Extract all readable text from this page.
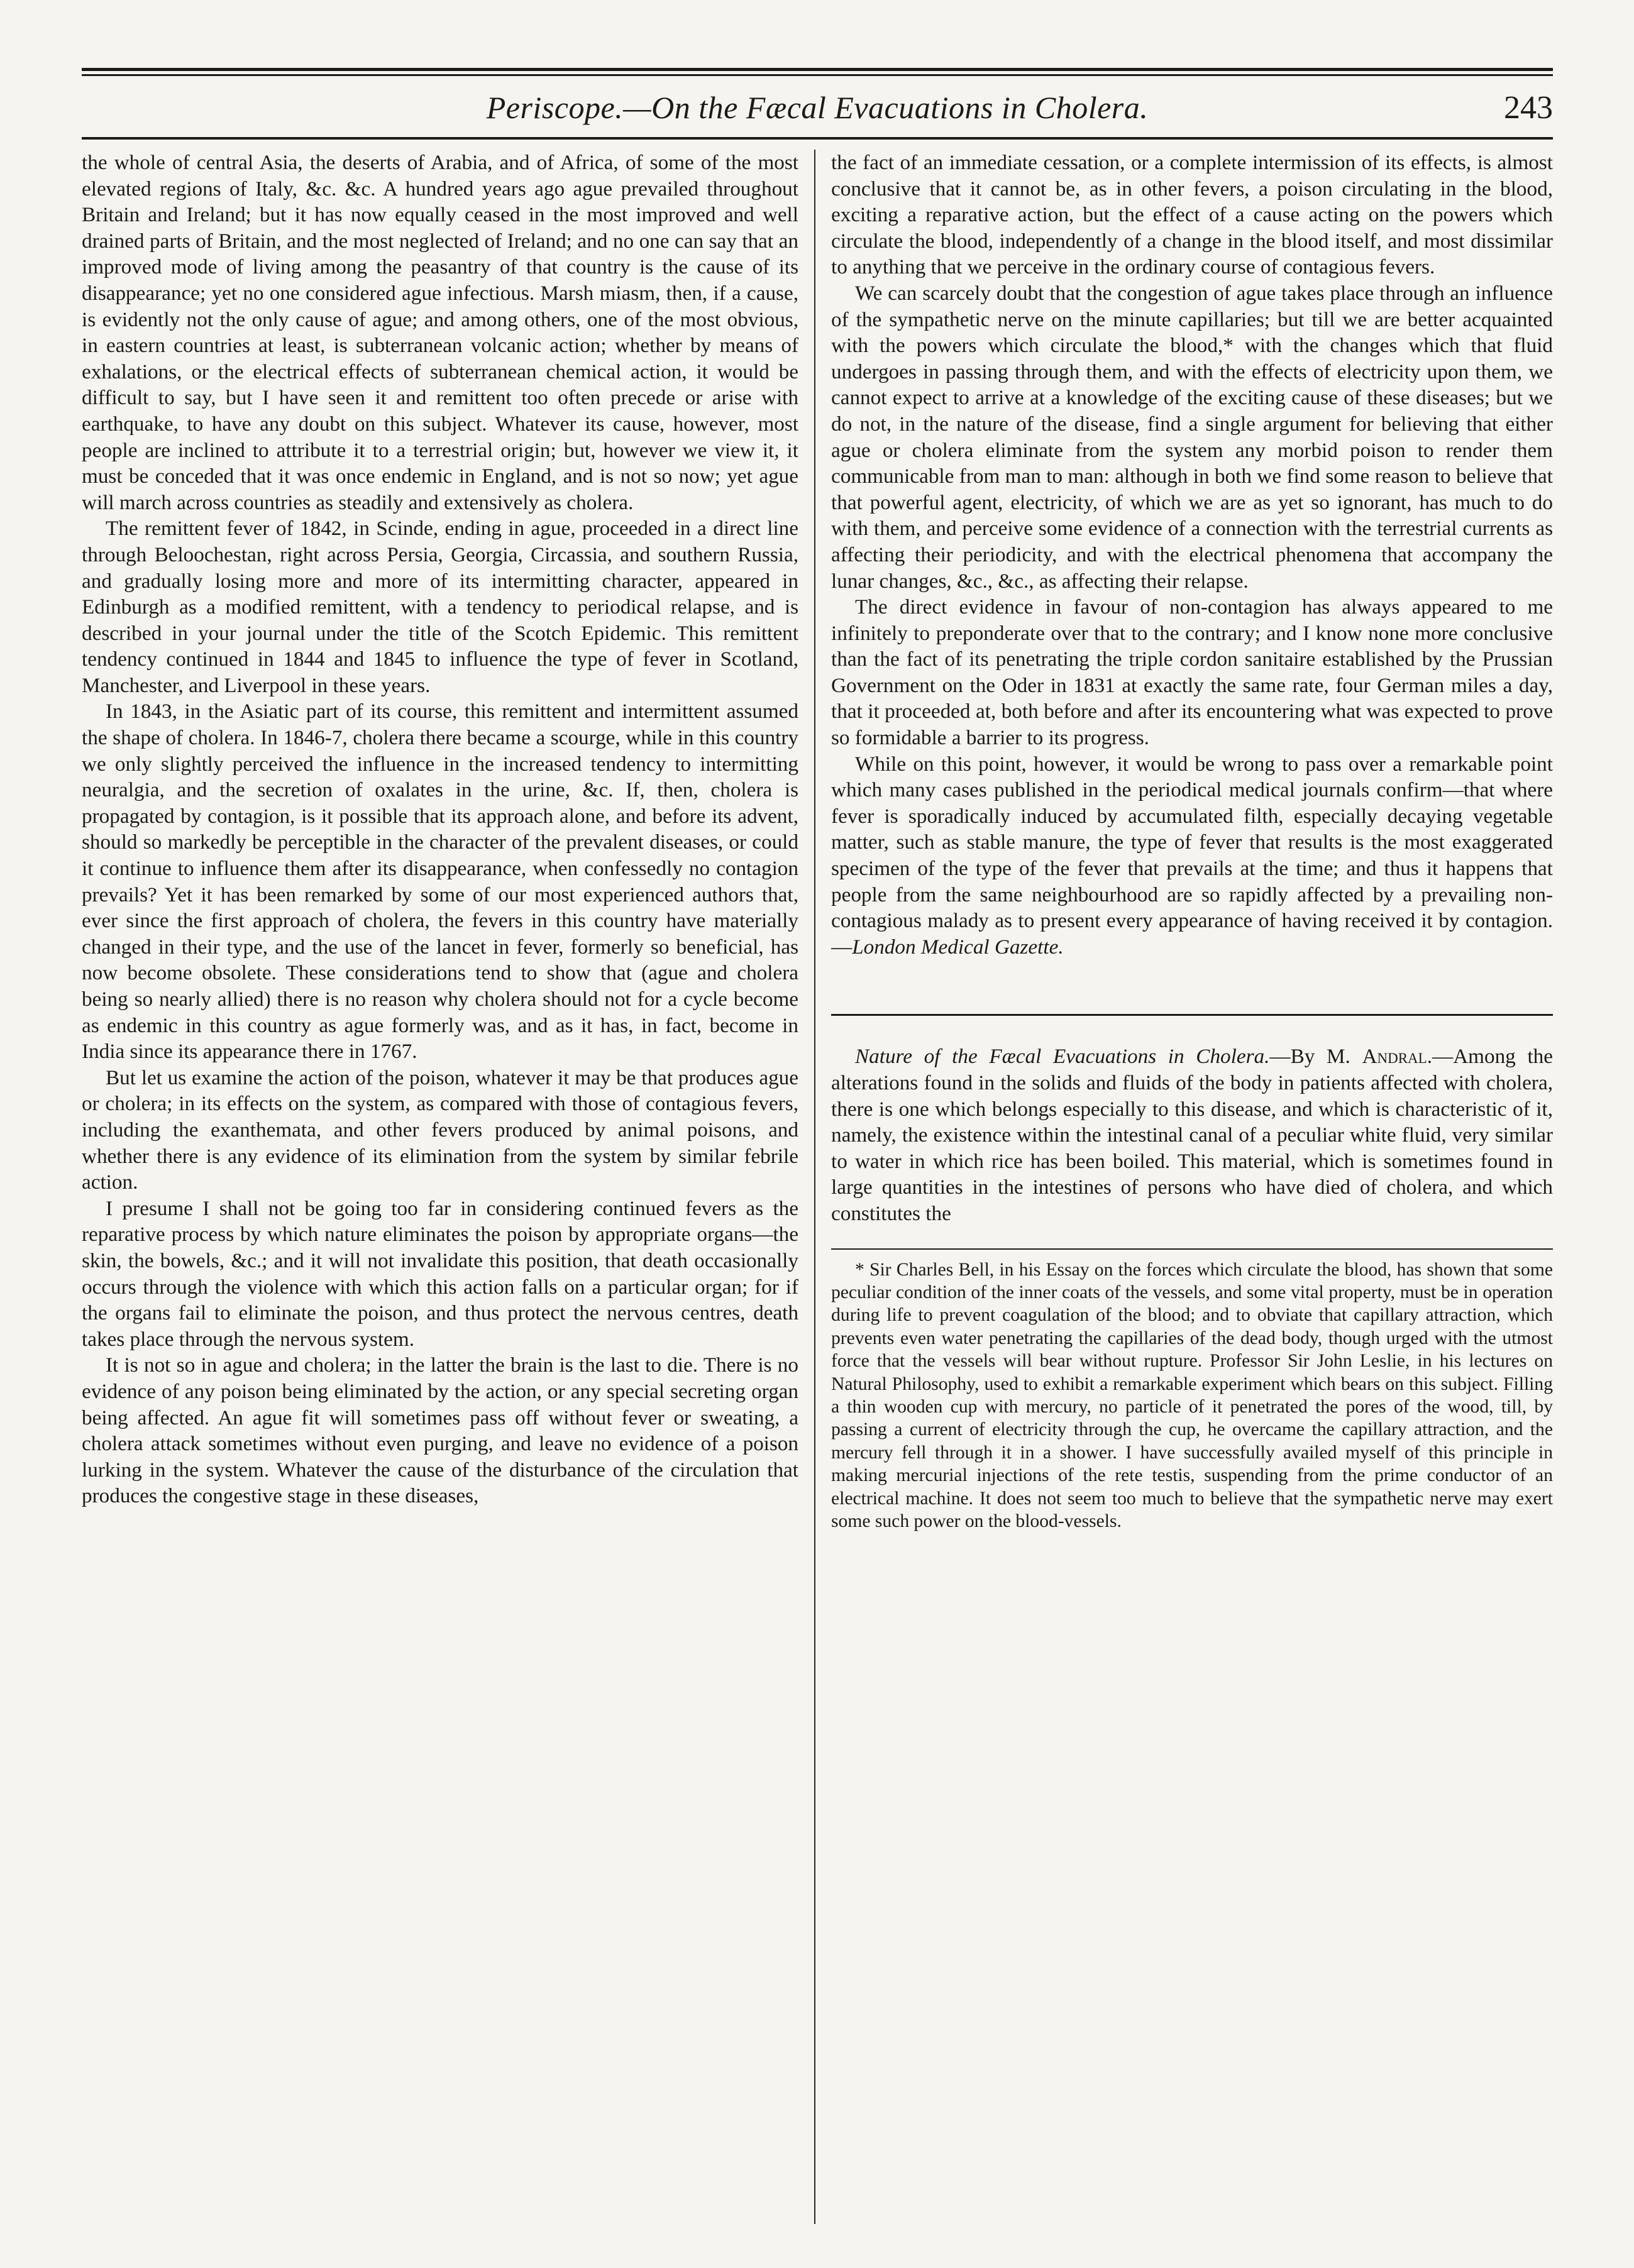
Periscope.—On the Fæcal Evacuations in Cholera.	243

the whole of central Asia, the deserts of Arabia, and of Africa, of some of the most elevated regions of Italy, &c. &c. A hundred years ago ague prevailed throughout Britain and Ireland; but it has now equally ceased in the most improved and well drained parts of Britain, and the most neglected of Ireland; and no one can say that an improved mode of living among the peasantry of that country is the cause of its disappearance; yet no one considered ague infectious. Marsh miasm, then, if a cause, is evidently not the only cause of ague; and among others, one of the most obvious, in eastern countries at least, is subterranean volcanic action; whether by means of exhalations, or the electrical effects of subterranean chemical action, it would be difficult to say, but I have seen it and remittent too often precede or arise with earthquake, to have any doubt on this subject. Whatever its cause, however, most people are inclined to attribute it to a terrestrial origin; but, however we view it, it must be conceded that it was once endemic in England, and is not so now; yet ague will march across countries as steadily and extensively as cholera.

The remittent fever of 1842, in Scinde, ending in ague, proceeded in a direct line through Beloochestan, right across Persia, Georgia, Circassia, and southern Russia, and gradually losing more and more of its intermitting character, appeared in Edinburgh as a modified remittent, with a tendency to periodical relapse, and is described in your journal under the title of the Scotch Epidemic. This remittent tendency continued in 1844 and 1845 to influence the type of fever in Scotland, Manchester, and Liverpool in these years.

In 1843, in the Asiatic part of its course, this remittent and intermittent assumed the shape of cholera. In 1846-7, cholera there became a scourge, while in this country we only slightly perceived the influence in the increased tendency to intermitting neuralgia, and the secretion of oxalates in the urine, &c. If, then, cholera is propagated by contagion, is it possible that its approach alone, and before its advent, should so markedly be perceptible in the character of the prevalent diseases, or could it continue to influence them after its disappearance, when confessedly no contagion prevails? Yet it has been remarked by some of our most experienced authors that, ever since the first approach of cholera, the fevers in this country have materially changed in their type, and the use of the lancet in fever, formerly so beneficial, has now become obsolete. These considerations tend to show that (ague and cholera being so nearly allied) there is no reason why cholera should not for a cycle become as endemic in this country as ague formerly was, and as it has, in fact, become in India since its appearance there in 1767.

But let us examine the action of the poison, whatever it may be that produces ague or cholera; in its effects on the system, as compared with those of contagious fevers, including the exanthemata, and other fevers produced by animal poisons, and whether there is any evidence of its elimination from the system by similar febrile action.

I presume I shall not be going too far in considering continued fevers as the reparative process by which nature eliminates the poison by appropriate organs—the skin, the bowels, &c.; and it will not invalidate this position, that death occasionally occurs through the violence with which this action falls on a particular organ; for if the organs fail to eliminate the poison, and thus protect the nervous centres, death takes place through the nervous system.

It is not so in ague and cholera; in the latter the brain is the last to die. There is no evidence of any poison being eliminated by the action, or any special secreting organ being affected. An ague fit will sometimes pass off without fever or sweating, a cholera attack sometimes without even purging, and leave no evidence of a poison lurking in the system. Whatever the cause of the disturbance of the circulation that produces the congestive stage in these diseases,

the fact of an immediate cessation, or a complete intermission of its effects, is almost conclusive that it cannot be, as in other fevers, a poison circulating in the blood, exciting a reparative action, but the effect of a cause acting on the powers which circulate the blood, independently of a change in the blood itself, and most dissimilar to anything that we perceive in the ordinary course of contagious fevers.

We can scarcely doubt that the congestion of ague takes place through an influence of the sympathetic nerve on the minute capillaries; but till we are better acquainted with the powers which circulate the blood,* with the changes which that fluid undergoes in passing through them, and with the effects of electricity upon them, we cannot expect to arrive at a knowledge of the exciting cause of these diseases; but we do not, in the nature of the disease, find a single argument for believing that either ague or cholera eliminate from the system any morbid poison to render them communicable from man to man: although in both we find some reason to believe that that powerful agent, electricity, of which we are as yet so ignorant, has much to do with them, and perceive some evidence of a connection with the terrestrial currents as affecting their periodicity, and with the electrical phenomena that accompany the lunar changes, &c., &c., as affecting their relapse.

The direct evidence in favour of non-contagion has always appeared to me infinitely to preponderate over that to the contrary; and I know none more conclusive than the fact of its penetrating the triple cordon sanitaire established by the Prussian Government on the Oder in 1831 at exactly the same rate, four German miles a day, that it proceeded at, both before and after its encountering what was expected to prove so formidable a barrier to its progress.

While on this point, however, it would be wrong to pass over a remarkable point which many cases published in the periodical medical journals confirm—that where fever is sporadically induced by accumulated filth, especially decaying vegetable matter, such as stable manure, the type of fever that results is the most exaggerated specimen of the type of the fever that prevails at the time; and thus it happens that people from the same neighbourhood are so rapidly affected by a prevailing non-contagious malady as to present every appearance of having received it by contagion.—London Medical Gazette.

Nature of the Fæcal Evacuations in Cholera.—By M. Andral.—Among the alterations found in the solids and fluids of the body in patients affected with cholera, there is one which belongs especially to this disease, and which is characteristic of it, namely, the existence within the intestinal canal of a peculiar white fluid, very similar to water in which rice has been boiled. This material, which is sometimes found in large quantities in the intestines of persons who have died of cholera, and which constitutes the

* Sir Charles Bell, in his Essay on the forces which circulate the blood, has shown that some peculiar condition of the inner coats of the vessels, and some vital property, must be in operation during life to prevent coagulation of the blood; and to obviate that capillary attraction, which prevents even water penetrating the capillaries of the dead body, though urged with the utmost force that the vessels will bear without rupture. Professor Sir John Leslie, in his lectures on Natural Philosophy, used to exhibit a remarkable experiment which bears on this subject. Filling a thin wooden cup with mercury, no particle of it penetrated the pores of the wood, till, by passing a current of electricity through the cup, he overcame the capillary attraction, and the mercury fell through it in a shower. I have successfully availed myself of this principle in making mercurial injections of the rete testis, suspending from the prime conductor of an electrical machine. It does not seem too much to believe that the sympathetic nerve may exert some such power on the blood-vessels.
